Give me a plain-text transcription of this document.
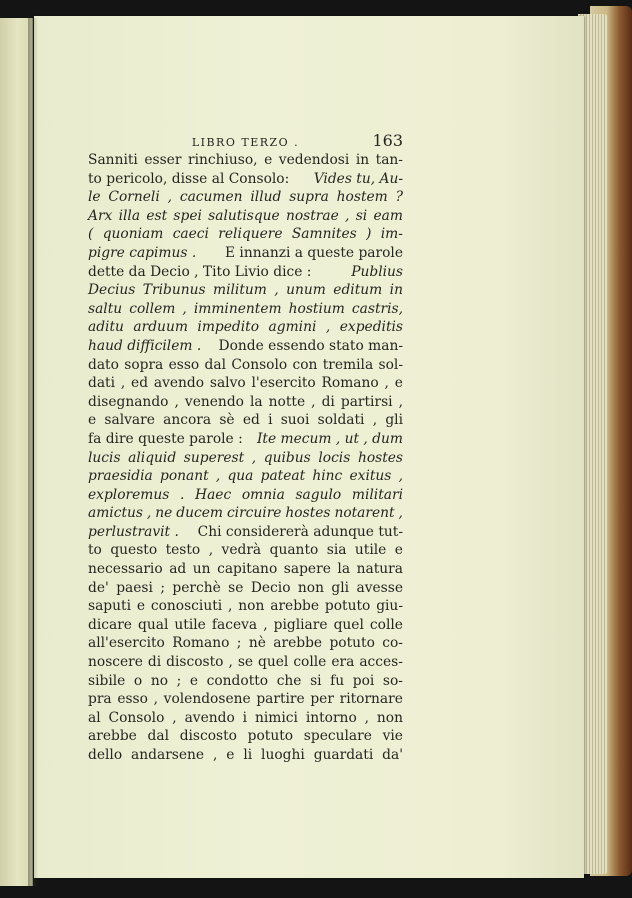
LIBRO TERZO .	163
Sanniti esser rinchiuso, e vedendosi in tan-
to pericolo, disse al Consolo: Vides tu, Au-
le Corneli , cacumen illud supra hostem ?
Arx illa est spei salutisque nostrae , si eam
( quoniam caeci reliquere Samnites ) im-
pigre capimus . E innanzi a queste parole
dette da Decio , Tito Livio dice :	Publius
Decius Tribunus militum , unum editum in
saltu collem , imminentem hostium castris,
aditu arduum impedito agmini , expeditis
haud difficilem . Donde essendo stato man-
dato sopra esso dal Consolo con tremila sol-
dati , ed avendo salvo l'esercito Romano , e
disegnando , venendo la notte , di partirsi ,
e salvare ancora sè ed i suoi soldati , gli
fa dire queste parole : Ite mecum , ut , dum
lucis aliquid superest , quibus locis hostes
praesidia ponant , qua pateat hinc exitus ,
exploremus . Haec omnia sagulo militari
amictus , ne ducem circuire hostes notarent ,
perlustravit . Chi considererà adunque tut-
to questo testo , vedrà quanto sia utile e
necessario ad un capitano sapere la natura
de' paesi ; perchè se Decio non gli avesse
saputi e conosciuti , non arebbe potuto giu-
dicare qual utile faceva , pigliare quel colle
all'esercito Romano ; nè arebbe potuto co-
noscere di discosto , se quel colle era acces-
sibile o no ; e condotto che si fu poi so-
pra esso , volendosene partire per ritornare
al Consolo , avendo i nimici intorno , non
arebbe dal discosto potuto speculare vie
dello andarsene , e li luoghi guardati da'
